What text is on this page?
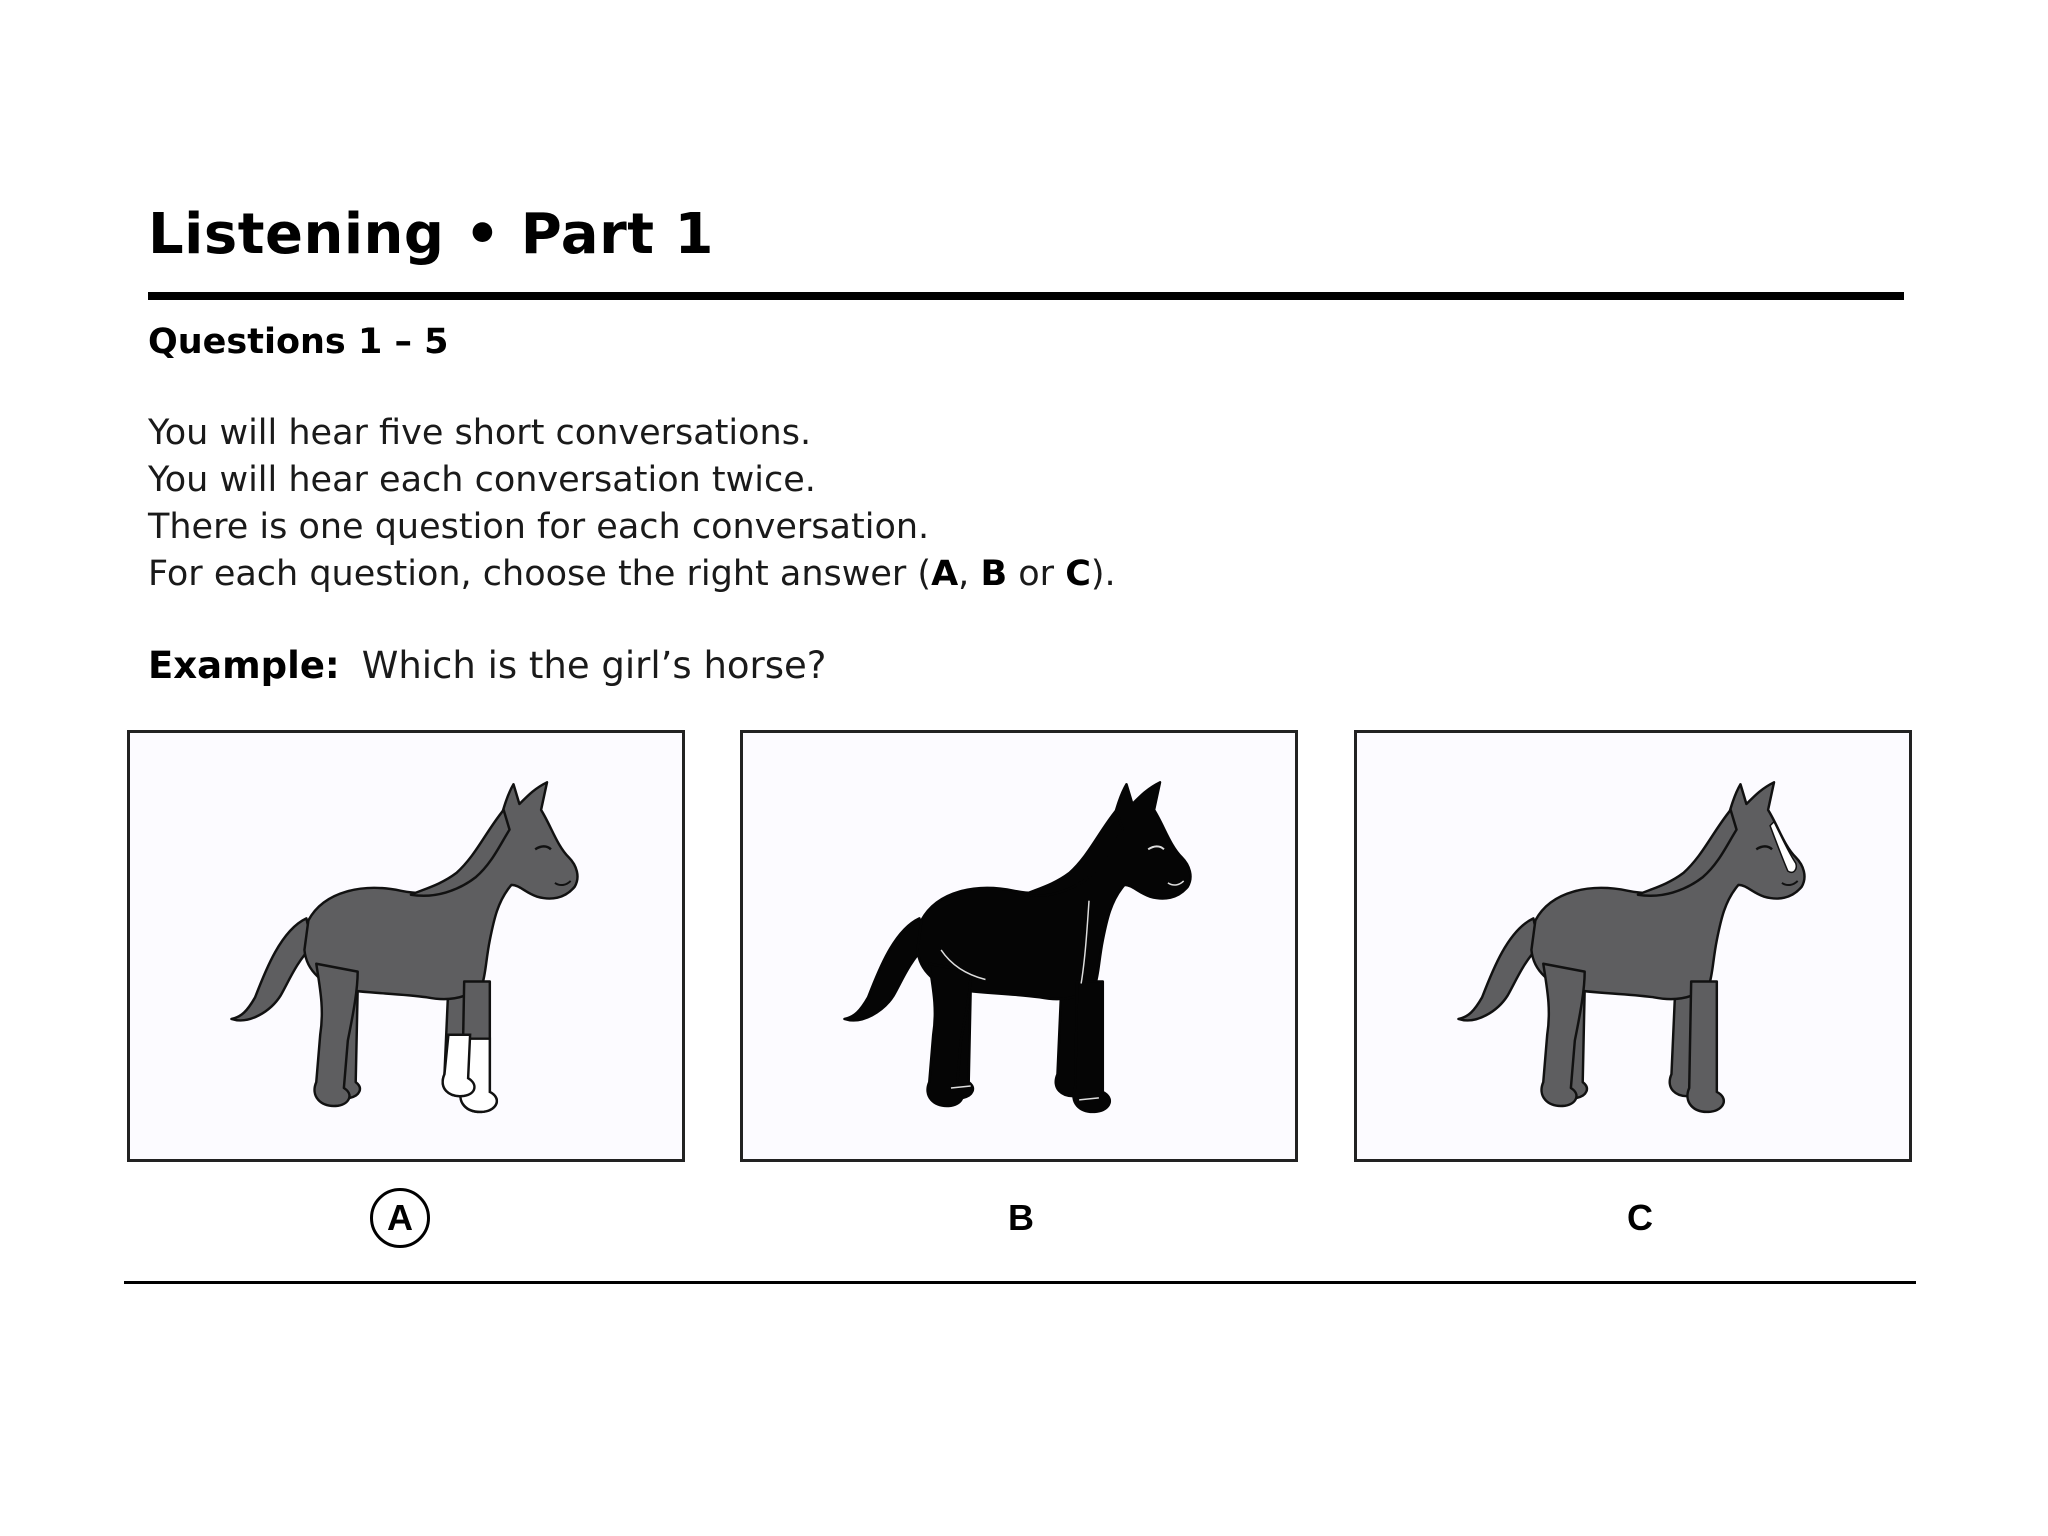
Listening • Part 1
Questions 1 – 5
You will hear five short conversations.
You will hear each conversation twice.
There is one question for each conversation.
For each question, choose the right answer (A, B or C).
Example: Which is the girl’s horse?
A	B	C
